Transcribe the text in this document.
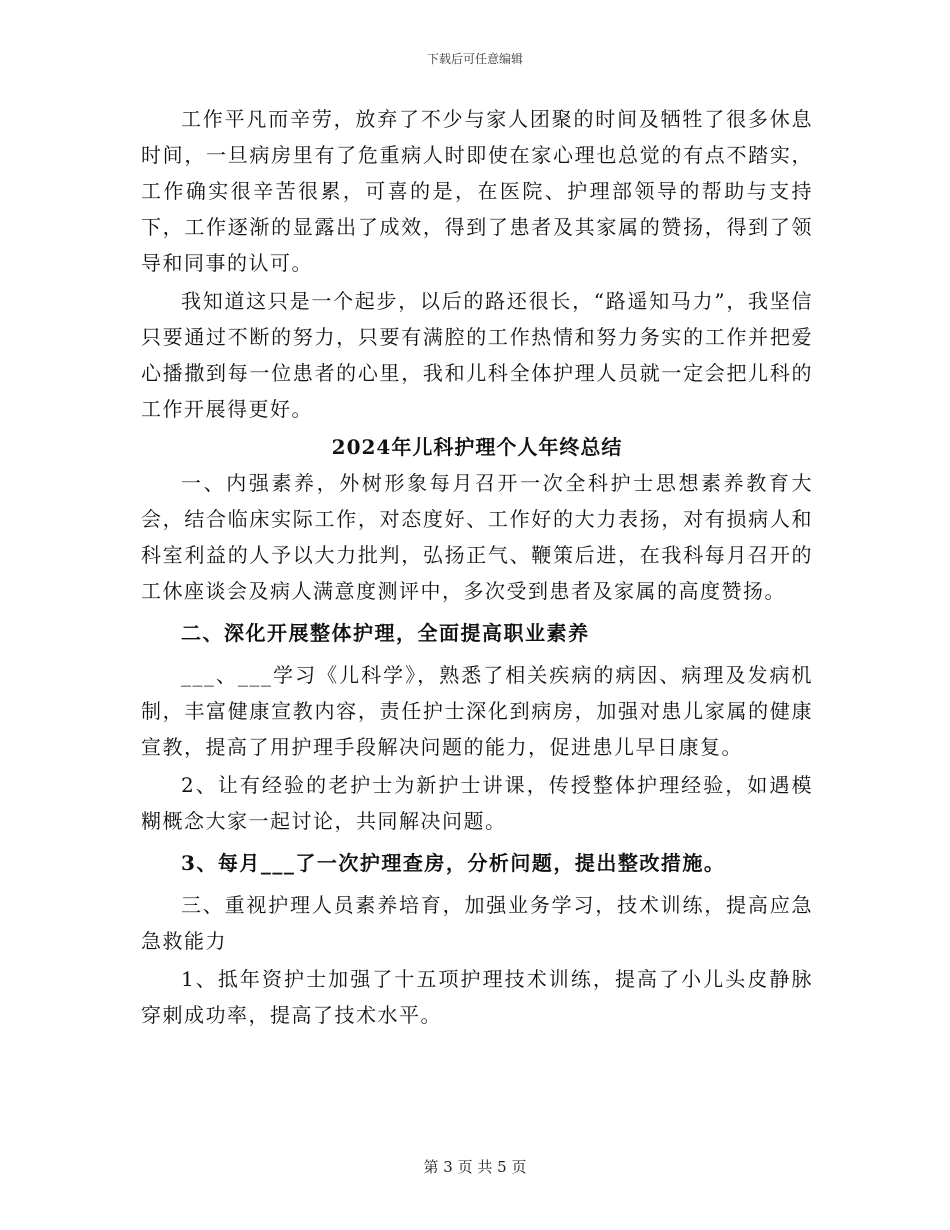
下载后可任意编辑

工作平凡而辛劳，放弃了不少与家人团聚的时间及牺牲了很多休息时间，一旦病房里有了危重病人时即使在家心理也总觉的有点不踏实，工作确实很辛苦很累，可喜的是，在医院、护理部领导的帮助与支持下，工作逐渐的显露出了成效，得到了患者及其家属的赞扬，得到了领导和同事的认可。

我知道这只是一个起步，以后的路还很长，“路遥知马力”，我坚信只要通过不断的努力，只要有满腔的工作热情和努力务实的工作并把爱心播撒到每一位患者的心里，我和儿科全体护理人员就一定会把儿科的工作开展得更好。

2024年儿科护理个人年终总结

一、内强素养，外树形象每月召开一次全科护士思想素养教育大会，结合临床实际工作，对态度好、工作好的大力表扬，对有损病人和科室利益的人予以大力批判，弘扬正气、鞭策后进，在我科每月召开的工休座谈会及病人满意度测评中，多次受到患者及家属的高度赞扬。

二、深化开展整体护理，全面提高职业素养

___、___学习《儿科学》，熟悉了相关疾病的病因、病理及发病机制，丰富健康宣教内容，责任护士深化到病房，加强对患儿家属的健康宣教，提高了用护理手段解决问题的能力，促进患儿早日康复。

2、让有经验的老护士为新护士讲课，传授整体护理经验，如遇模糊概念大家一起讨论，共同解决问题。

3、每月___了一次护理查房，分析问题，提出整改措施。

三、重视护理人员素养培育，加强业务学习，技术训练，提高应急急救能力

1、抵年资护士加强了十五项护理技术训练，提高了小儿头皮静脉穿刺成功率，提高了技术水平。

第 3 页 共 5 页
